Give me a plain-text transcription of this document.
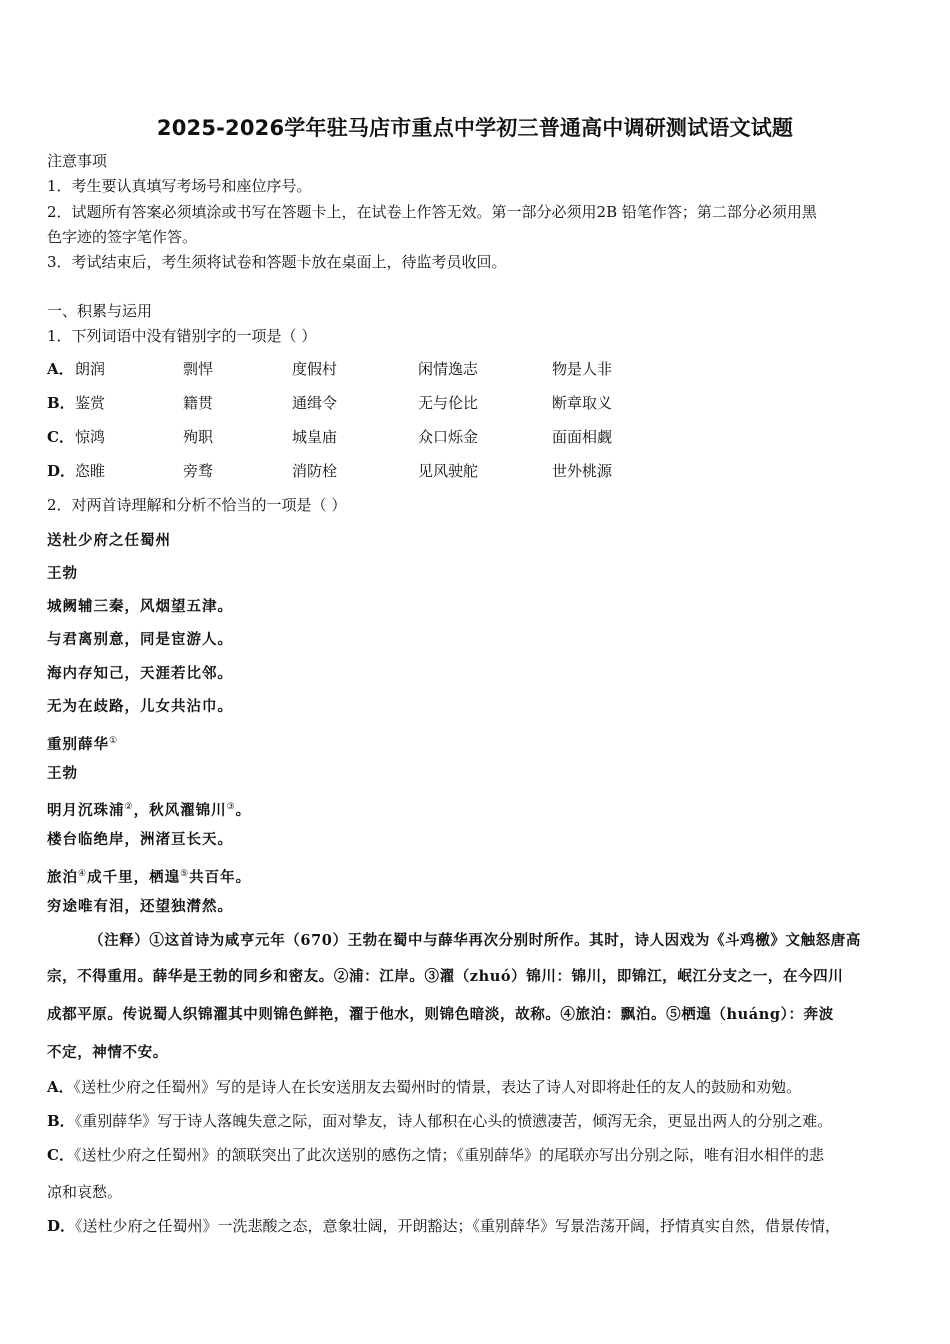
2025-2026学年驻马店市重点中学初三普通高中调研测试语文试题
注意事项
1．考生要认真填写考场号和座位序号。
2．试题所有答案必须填涂或书写在答题卡上，在试卷上作答无效。第一部分必须用2B 铅笔作答；第二部分必须用黑
色字迹的签字笔作答。
3．考试结束后，考生须将试卷和答题卡放在桌面上，待监考员收回。
一、积累与运用
1．下列词语中没有错别字的一项是（ ）
A． 朗润	剽悍	度假村	闲情逸志	物是人非
B． 鉴赏	籍贯	通缉令	无与伦比	断章取义
C． 惊鸿	殉职	城皇庙	众口烁金	面面相觑
D． 恣睢	旁骛	消防栓	见风驶舵	世外桃源
2．对两首诗理解和分析不恰当的一项是（ ）
送杜少府之任蜀州
王勃
城阙辅三秦，风烟望五津。
与君离别意，同是宦游人。
海内存知己，天涯若比邻。
无为在歧路，儿女共沾巾。
重别薛华①
王勃
明月沉珠浦②，秋风濯锦川③。
楼台临绝岸，洲渚亘长天。
旅泊④成千里，栖遑⑤共百年。
穷途唯有泪，还望独潸然。
（注释）①这首诗为咸亨元年（670）王勃在蜀中与薛华再次分别时所作。其时，诗人因戏为《斗鸡檄》文触怒唐高
宗，不得重用。薛华是王勃的同乡和密友。②浦：江岸。③濯（zhuó）锦川：锦川，即锦江，岷江分支之一，在今四川
成都平原。传说蜀人织锦濯其中则锦色鲜艳，濯于他水，则锦色暗淡，故称。④旅泊：飘泊。⑤栖遑（huáng）：奔波
不定，神情不安。
A．《送杜少府之任蜀州》写的是诗人在长安送朋友去蜀州时的情景，表达了诗人对即将赴任的友人的鼓励和劝勉。
B．《重别薛华》写于诗人落魄失意之际，面对挚友，诗人郁积在心头的愤懑凄苦，倾泻无余，更显出两人的分别之难。
C．《送杜少府之任蜀州》的颔联突出了此次送别的感伤之情；《重别薛华》的尾联亦写出分别之际，唯有泪水相伴的悲
凉和哀愁。
D．《送杜少府之任蜀州》一洗悲酸之态，意象壮阔，开朗豁达；《重别薛华》写景浩荡开阔，抒情真实自然，借景传情，
